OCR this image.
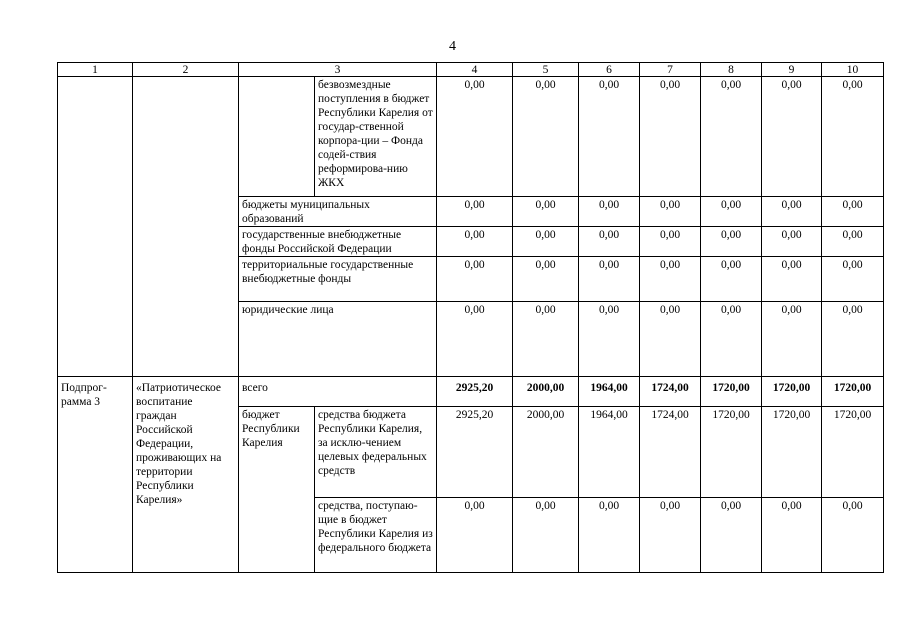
4
1	2	3		4	5	6	7	8	9	10
			безвозмездные поступления в бюджет Республики Карелия от государ-ственной корпора-ции – Фонда содей-ствия реформирова-нию ЖКХ	0,00	0,00	0,00	0,00	0,00	0,00	0,00
		бюджеты муниципальных образований		0,00	0,00	0,00	0,00	0,00	0,00	0,00
		государственные внебюджетные фонды Российской Федерации		0,00	0,00	0,00	0,00	0,00	0,00	0,00
		территориальные государственные внебюджетные фонды		0,00	0,00	0,00	0,00	0,00	0,00	0,00
		юридические лица		0,00	0,00	0,00	0,00	0,00	0,00	0,00
Подпрог-рамма 3	«Патриотическое воспитание граждан Российской Федерации, проживающих на территории Республики Карелия»	всего		2925,20	2000,00	1964,00	1724,00	1720,00	1720,00	1720,00
		бюджет Республики Карелия	средства бюджета Республики Карелия, за исклю-чением целевых федеральных средств	2925,20	2000,00	1964,00	1724,00	1720,00	1720,00	1720,00
			средства, поступаю-щие в бюджет Республики Карелия из федерального бюджета	0,00	0,00	0,00	0,00	0,00	0,00	0,00
